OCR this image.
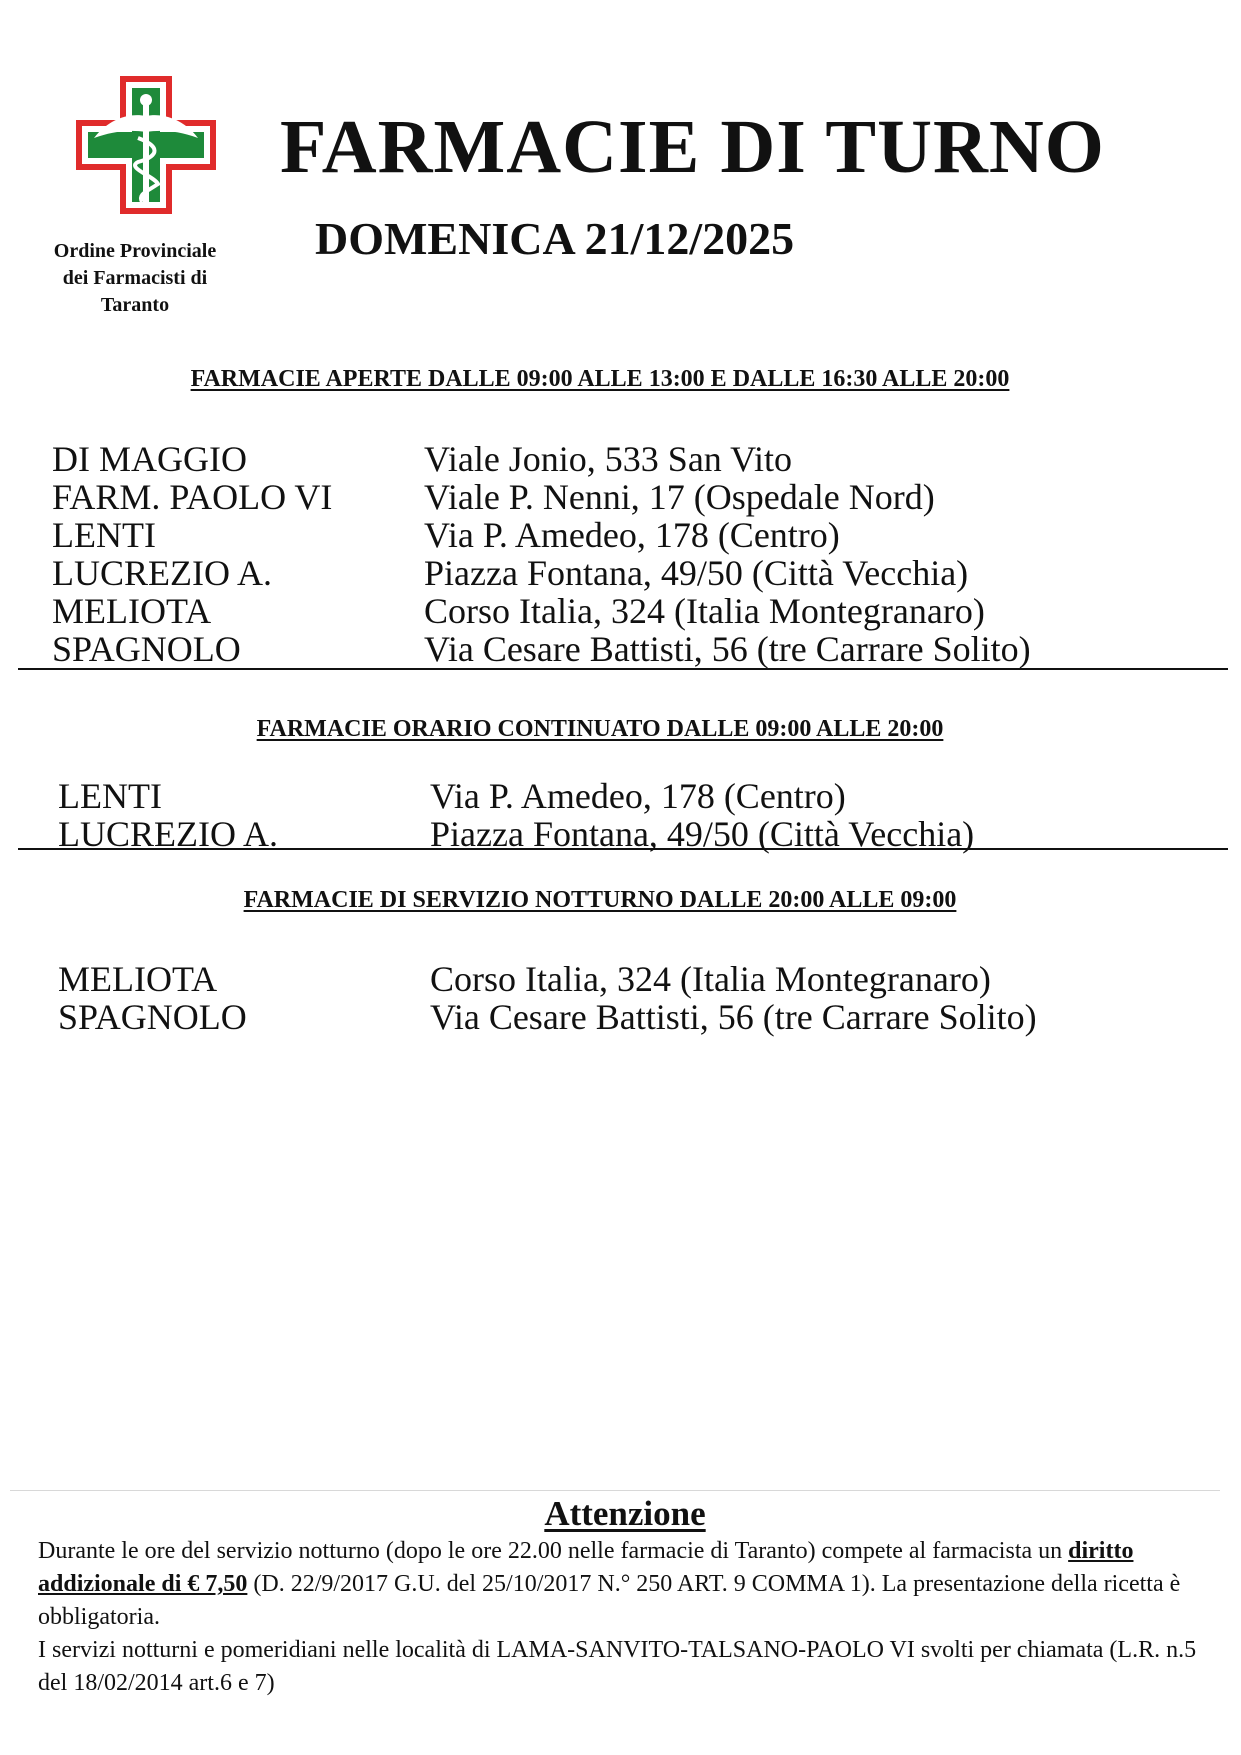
Ordine Provinciale
dei Farmacisti di
Taranto
FARMACIE DI TURNO
DOMENICA 21/12/2025
FARMACIE APERTE DALLE 09:00 ALLE 13:00 E DALLE 16:30 ALLE 20:00
DI MAGGIO	Viale Jonio, 533 San Vito
FARM. PAOLO VI	Viale P. Nenni, 17 (Ospedale Nord)
LENTI	Via P. Amedeo, 178 (Centro)
LUCREZIO A.	Piazza Fontana, 49/50 (Città Vecchia)
MELIOTA	Corso Italia, 324 (Italia Montegranaro)
SPAGNOLO	Via Cesare Battisti, 56 (tre Carrare Solito)
FARMACIE ORARIO CONTINUATO DALLE 09:00 ALLE 20:00
LENTI	Via P. Amedeo, 178 (Centro)
LUCREZIO A.	Piazza Fontana, 49/50 (Città Vecchia)
FARMACIE DI SERVIZIO NOTTURNO DALLE 20:00 ALLE 09:00
MELIOTA	Corso Italia, 324 (Italia Montegranaro)
SPAGNOLO	Via Cesare Battisti, 56 (tre Carrare Solito)
Attenzione

Durante le ore del servizio notturno (dopo le ore 22.00 nelle farmacie di Taranto) compete al farmacista un diritto addizionale di € 7,50 (D. 22/9/2017 G.U. del 25/10/2017 N.° 250 ART. 9 COMMA 1). La presentazione della ricetta è obbligatoria.

I servizi notturni e pomeridiani nelle località di LAMA-SANVITO-TALSANO-PAOLO VI svolti per chiamata (L.R. n.5 del 18/02/2014 art.6 e 7)
